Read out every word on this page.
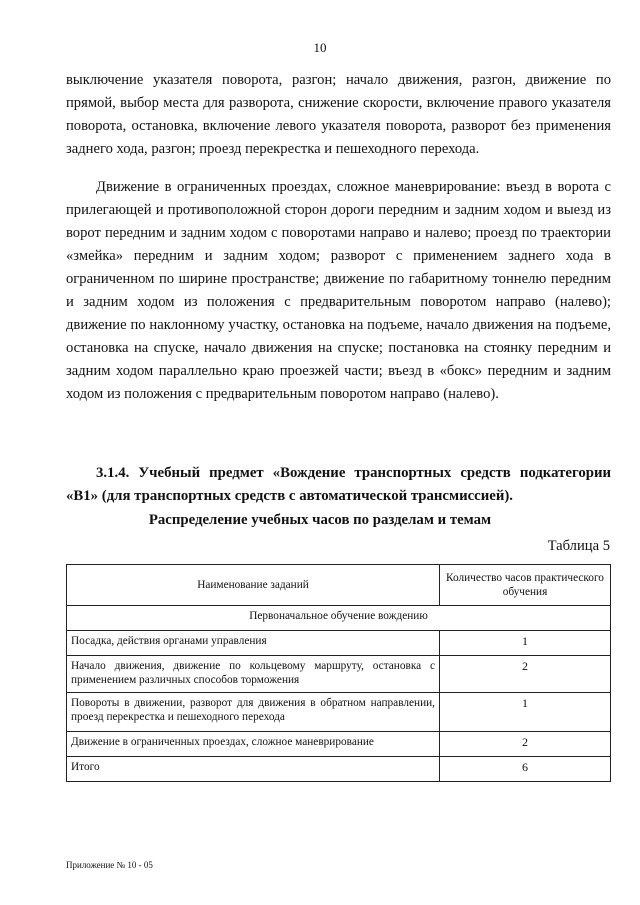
10

выключение указателя поворота, разгон; начало движения, разгон, движение по прямой, выбор места для разворота, снижение скорости, включение правого указателя поворота, остановка, включение левого указателя поворота, разворот без применения заднего хода, разгон; проезд перекрестка и пешеходного перехода.

Движение в ограниченных проездах, сложное маневрирование: въезд в ворота с прилегающей и противоположной сторон дороги передним и задним ходом и выезд из ворот передним и задним ходом с поворотами направо и налево; проезд по траектории «змейка» передним и задним ходом; разворот с применением заднего хода в ограниченном по ширине пространстве; движение по габаритному тоннелю передним и задним ходом из положения с предварительным поворотом направо (налево); движение по наклонному участку, остановка на подъеме, начало движения на подъеме, остановка на спуске, начало движения на спуске; постановка на стоянку передним и задним ходом параллельно краю проезжей части; въезд в «бокс» передним и задним ходом из положения с предварительным поворотом направо (налево).

3.1.4. Учебный предмет «Вождение транспортных средств подкатегории «B1» (для транспортных средств с автоматической трансмиссией).

Распределение учебных часов по разделам и темам
Таблица 5
Наименование заданий	Количество часов практического обучения
Первоначальное обучение вождению	
Посадка, действия органами управления	1
Начало движения, движение по кольцевому маршруту, остановка с применением различных способов торможения	2
Повороты в движении, разворот для движения в обратном направлении, проезд перекрестка и пешеходного перехода	1
Движение в ограниченных проездах, сложное маневрирование	2
Итого	6
Приложение № 10 - 05
